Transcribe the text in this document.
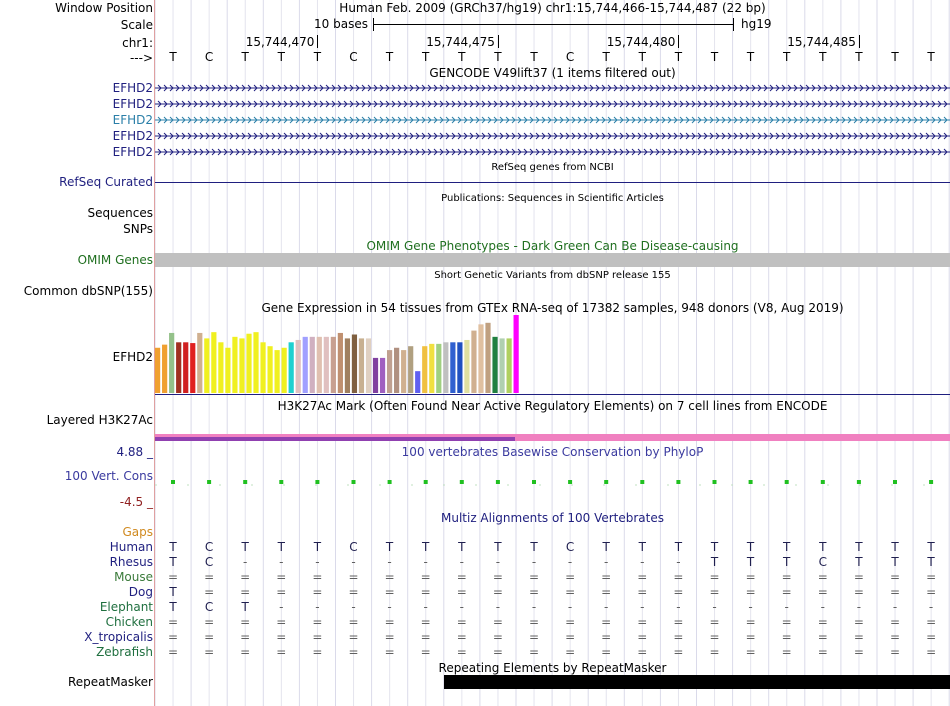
Window Position
Scale
chr1:
--->
Human Feb. 2009 (GRCh37/hg19) chr1:15,744,466-15,744,487 (22 bp)
10 bases	hg19
15,744,470	15,744,475	15,744,480	15,744,485
T C T T T C T T T T T C T T T T T T T T T T
GENCODE V49lift37 (1 items filtered out)
EFHD2
EFHD2
EFHD2
EFHD2
EFHD2
RefSeq genes from NCBI
RefSeq Curated
Publications: Sequences in Scientific Articles
Sequences
SNPs
OMIM Gene Phenotypes - Dark Green Can Be Disease-causing
OMIM Genes
Short Genetic Variants from dbSNP release 155
Common dbSNP(155)
Gene Expression in 54 tissues from GTEx RNA-seq of 17382 samples, 948 donors (V8, Aug 2019)
EFHD2
H3K27Ac Mark (Often Found Near Active Regulatory Elements) on 7 cell lines from ENCODE
Layered H3K27Ac
4.88 _	100 vertebrates Basewise Conservation by PhyloP
100 Vert. Cons
-4.5 _
Multiz Alignments of 100 Vertebrates
Gaps
Human T C T T T C T T T T T C T T T T T T T T T T
Rhesus T C	-	-	-	-	-	-	-	-	-	-	-	-	-	T T T C T T T
Mouse = = = = = = = = = = = = = = = = = = = = = =
Dog T = = = = = = = = = = = = = = = = = = = = =
Elephant T C T	-	-	-	-	-	-	-	-	-	-	-	-	-	-	-	-	-	-	-
Chicken = = = = = = = = = = = = = = = = = = = = = =
X_tropicalis = = = = = = = = = = = = = = = = = = = = = =
Zebrafish = = = = = = = = = = = = = = = = = = = = = =
Repeating Elements by RepeatMasker
RepeatMasker
